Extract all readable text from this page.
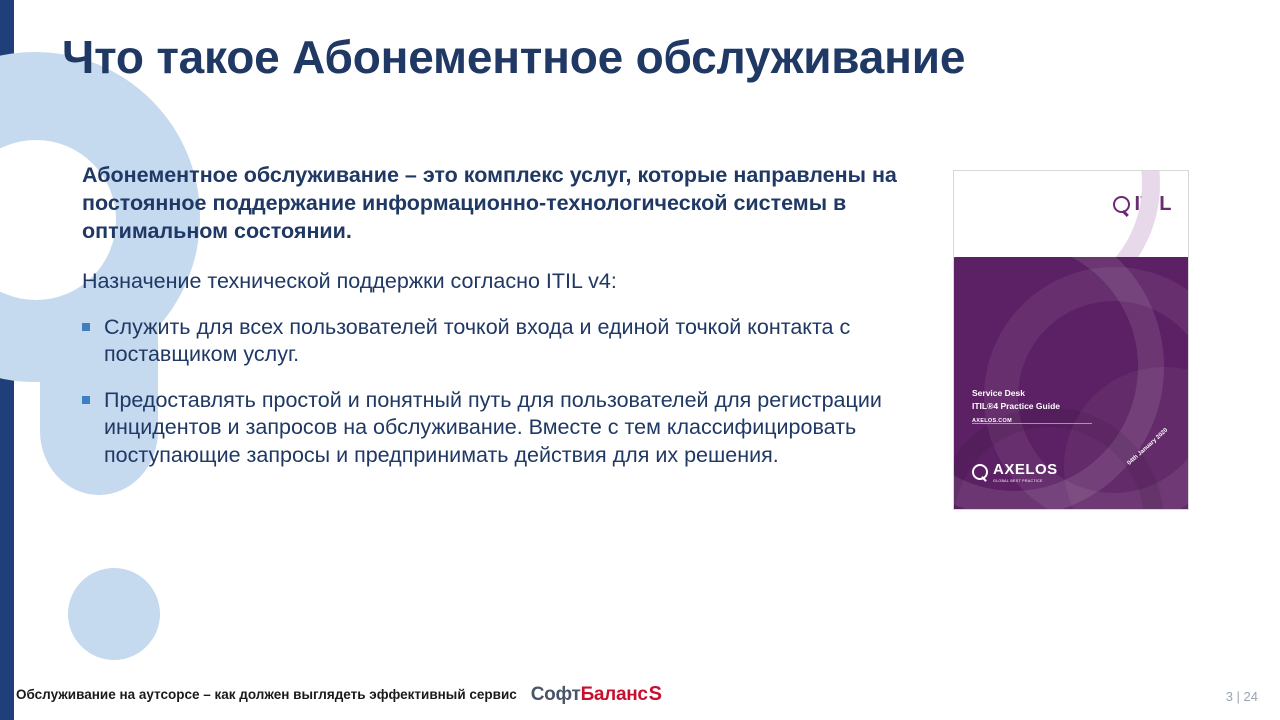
Что такое Абонементное обслуживание

Абонементное обслуживание – это комплекс услуг, которые направлены на постоянное поддержание информационно-технологической системы в оптимальном состоянии.

Назначение технической поддержки согласно ITIL v4:

Служить для всех пользователей точкой входа и единой точкой контакта с поставщиком услуг.
Предоставлять простой и понятный путь для пользователей для регистрации инцидентов и запросов на обслуживание. Вместе с тем классифицировать поступающие запросы и предпринимать действия для их решения.
ITIL
Service Desk
ITIL®4 Practice Guide
AXELOS.COM
04th January 2020
AXELOS
GLOBAL BEST PRACTICE
Обслуживание на аутсорсе – как должен выглядеть эффективный сервис Софт Баланс S	3 | 24
